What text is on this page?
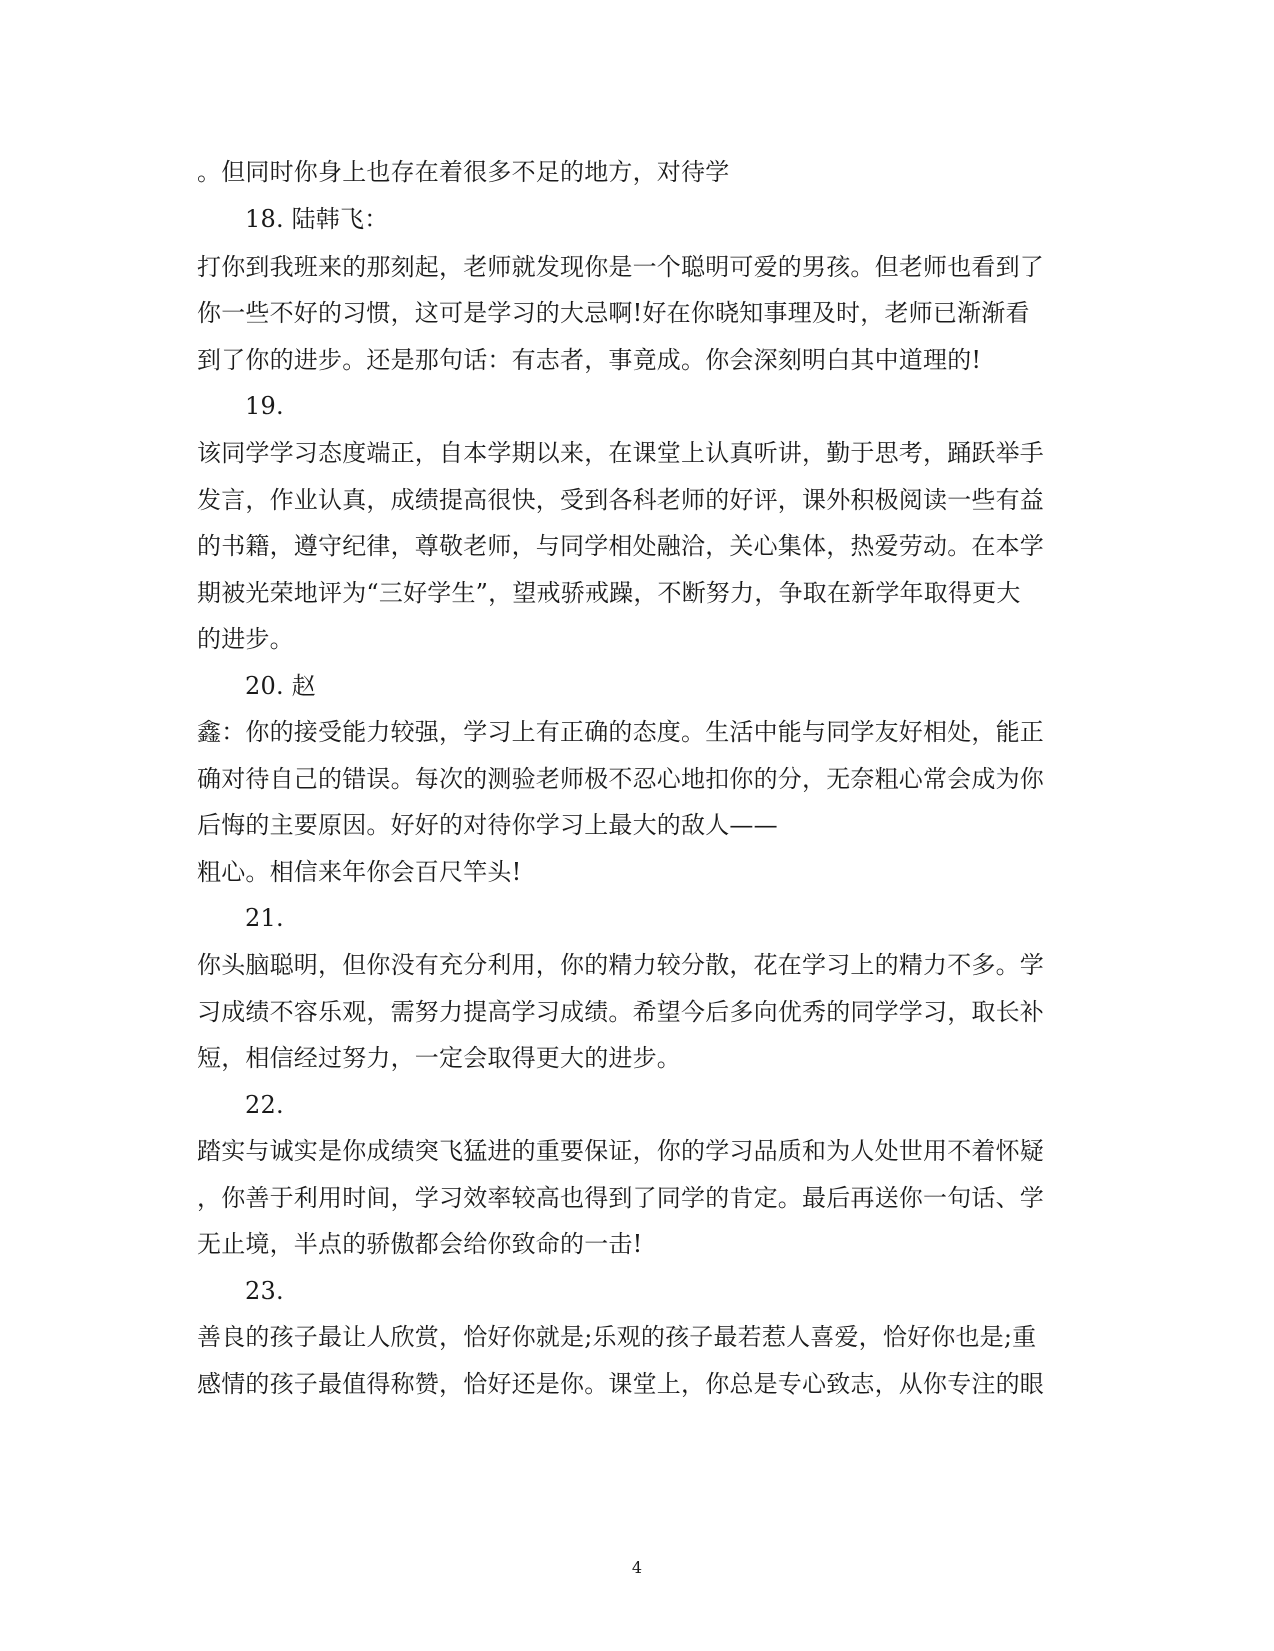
。但同时你身上也存在着很多不足的地方，对待学
18. 陆韩飞：
打你到我班来的那刻起，老师就发现你是一个聪明可爱的男孩。但老师也看到了
你一些不好的习惯，这可是学习的大忌啊!好在你晓知事理及时，老师已渐渐看
到了你的进步。还是那句话：有志者，事竟成。你会深刻明白其中道理的!
19.
该同学学习态度端正，自本学期以来，在课堂上认真听讲，勤于思考，踊跃举手
发言，作业认真，成绩提高很快，受到各科老师的好评，课外积极阅读一些有益
的书籍，遵守纪律，尊敬老师，与同学相处融洽，关心集体，热爱劳动。在本学
期被光荣地评为“三好学生”，望戒骄戒躁，不断努力，争取在新学年取得更大
的进步。
20. 赵
鑫：你的接受能力较强，学习上有正确的态度。生活中能与同学友好相处，能正
确对待自己的错误。每次的测验老师极不忍心地扣你的分，无奈粗心常会成为你
后悔的主要原因。好好的对待你学习上最大的敌人——
粗心。相信来年你会百尺竿头!
21.
你头脑聪明，但你没有充分利用，你的精力较分散，花在学习上的精力不多。学
习成绩不容乐观，需努力提高学习成绩。希望今后多向优秀的同学学习，取长补
短，相信经过努力，一定会取得更大的进步。
22.
踏实与诚实是你成绩突飞猛进的重要保证，你的学习品质和为人处世用不着怀疑
，你善于利用时间，学习效率较高也得到了同学的肯定。最后再送你一句话、学
无止境，半点的骄傲都会给你致命的一击!
23.
善良的孩子最让人欣赏，恰好你就是;乐观的孩子最若惹人喜爱，恰好你也是;重
感情的孩子最值得称赞，恰好还是你。课堂上，你总是专心致志，从你专注的眼
4
